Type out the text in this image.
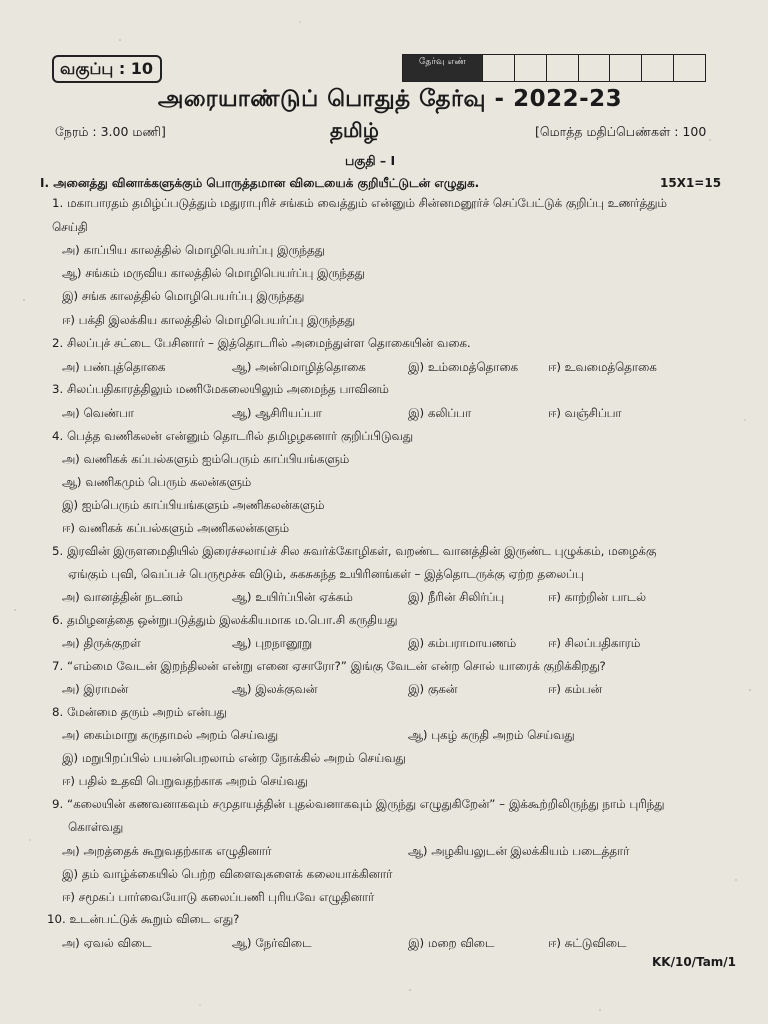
வகுப்பு : 10	தேர்வு எண்
அரையாண்டுப் பொதுத் தேர்வு - 2022-23
நேரம் : 3.00 மணி]	தமிழ்	[மொத்த மதிப்பெண்கள் : 100
பகுதி – I
I. அனைத்து வினாக்களுக்கும் பொருத்தமான விடையைக் குறியீட்டுடன் எழுதுக.	15X1=15
1. மகாபாரதம் தமிழ்ப்படுத்தும் மதுராபுரிச் சங்கம் வைத்தும் என்னும் சின்னமனூர்ச் செப்பேட்டுக் குறிப்பு உணர்த்தும்
செய்தி
அ) காப்பிய காலத்தில் மொழிபெயர்ப்பு இருந்தது
ஆ) சங்கம் மருவிய காலத்தில் மொழிபெயர்ப்பு இருந்தது
இ) சங்க காலத்தில் மொழிபெயர்ப்பு இருந்தது
ஈ) பக்தி இலக்கிய காலத்தில் மொழிபெயர்ப்பு இருந்தது
2. சிலப்புச் சட்டை பேசினார் – இத்தொடரில் அமைந்துள்ள தொகையின் வகை.
அ) பண்புத்தொகை	ஆ) அன்மொழித்தொகை	இ) உம்மைத்தொகை	ஈ) உவமைத்தொகை
3. சிலப்பதிகாரத்திலும் மணிமேகலையிலும் அமைந்த பாவினம்
அ) வெண்பா	ஆ) ஆசிரியப்பா	இ) கலிப்பா	ஈ) வஞ்சிப்பா
4. பெத்த வணிகலன் என்னும் தொடரில் தமிழழகனார் குறிப்பிடுவது
அ) வணிகக் கப்பல்களும் ஐம்பெரும் காப்பியங்களும்
ஆ) வணிகமும் பெரும் கலன்களும்
இ) ஐம்பெரும் காப்பியங்களும் அணிகலன்களும்
ஈ) வணிகக் கப்பல்களும் அணிகலன்களும்
5. இரவின் இருளமைதியில் இரைச்சலாய்ச் சில சுவர்க்கோழிகள், வறண்ட வானத்தின் இருண்ட புழுக்கம், மழைக்கு
ஏங்கும் புவி, வெப்பச் பெருமூச்சு விடும், சுகசுகந்த உயிரினங்கள் – இத்தொடருக்கு ஏற்ற தலைப்பு
அ) வானத்தின் நடனம்	ஆ) உயிர்ப்பின் ஏக்கம்	இ) நீரின் சிலிர்ப்பு	ஈ) காற்றின் பாடல்
6. தமிழனத்தை ஒன்றுபடுத்தும் இலக்கியமாக ம.பொ.சி கருதியது
அ) திருக்குறள்	ஆ) புறநானூறு	இ) கம்பராமாயணம்	ஈ) சிலப்பதிகாரம்
7. “எம்மை வேடன் இறந்திலன் என்று எனை ஏசாரோ?” இங்கு வேடன் என்ற சொல் யாரைக் குறிக்கிறது?
அ) இராமன்	ஆ) இலக்குவன்	இ) குகன்	ஈ) கம்பன்
8. மேன்மை தரும் அறம் என்பது
அ) கைம்மாறு கருதாமல் அறம் செய்வது	ஆ) புகழ் கருதி அறம் செய்வது
இ) மறுபிறப்பில் பயன்பெறலாம் என்ற நோக்கில் அறம் செய்வது
ஈ) பதில் உதவி பெறுவதற்காக அறம் செய்வது
9. “கலையின் கணவனாகவும் சமுதாயத்தின் புதல்வனாகவும் இருந்து எழுதுகிறேன்” – இக்கூற்றிலிருந்து நாம் புரிந்து
கொள்வது
அ) அறத்தைக் கூறுவதற்காக எழுதினார்	ஆ) அழகியலுடன் இலக்கியம் படைத்தார்
இ) தம் வாழ்க்கையில் பெற்ற விளைவுகளைக் கலையாக்கினார்
ஈ) சமூகப் பார்வையோடு கலைப்பணி புரியவே எழுதினார்
10. உடன்பட்டுக் கூறும் விடை எது?
அ) ஏவல் விடை	ஆ) நேர்விடை	இ) மறை விடை	ஈ) சுட்டுவிடை
KK/10/Tam/1
